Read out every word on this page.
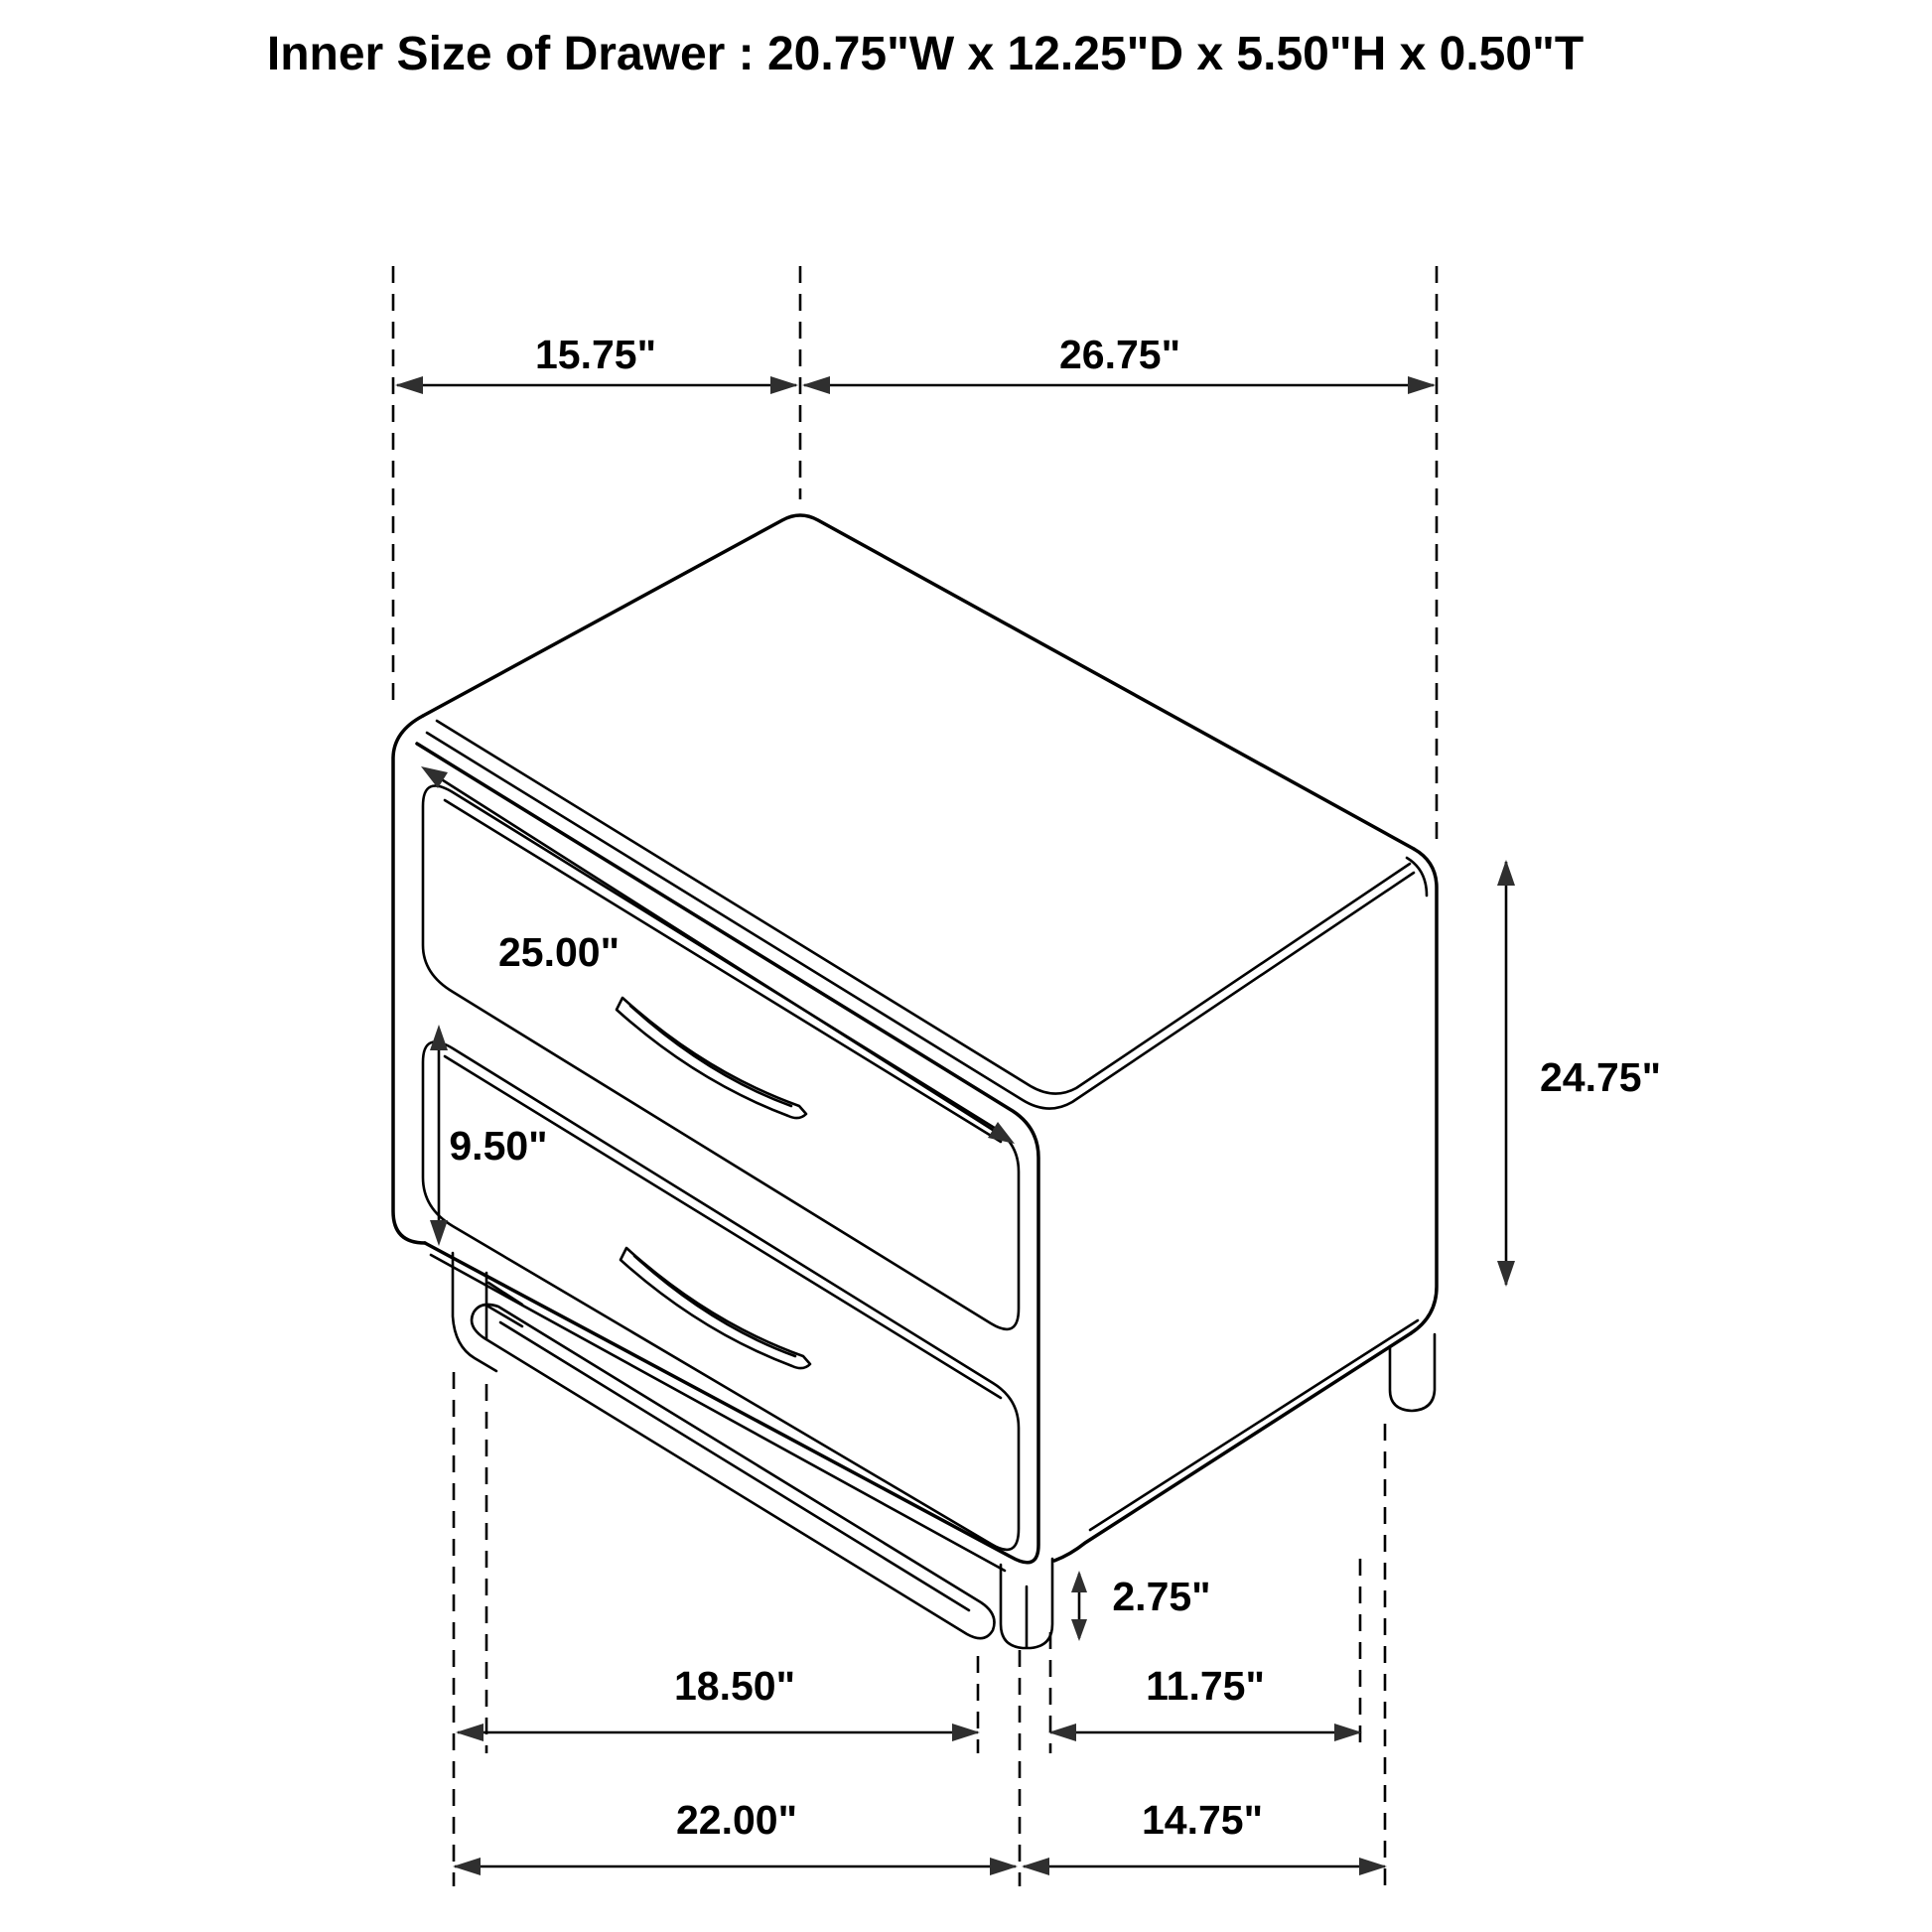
Inner Size of Drawer : 20.75"W x 12.25"D x 5.50"H x 0.50"T
15.75"	26.75"
25.00"
9.50"
24.75"
2.75"
18.50"	11.75"
22.00"	14.75"
